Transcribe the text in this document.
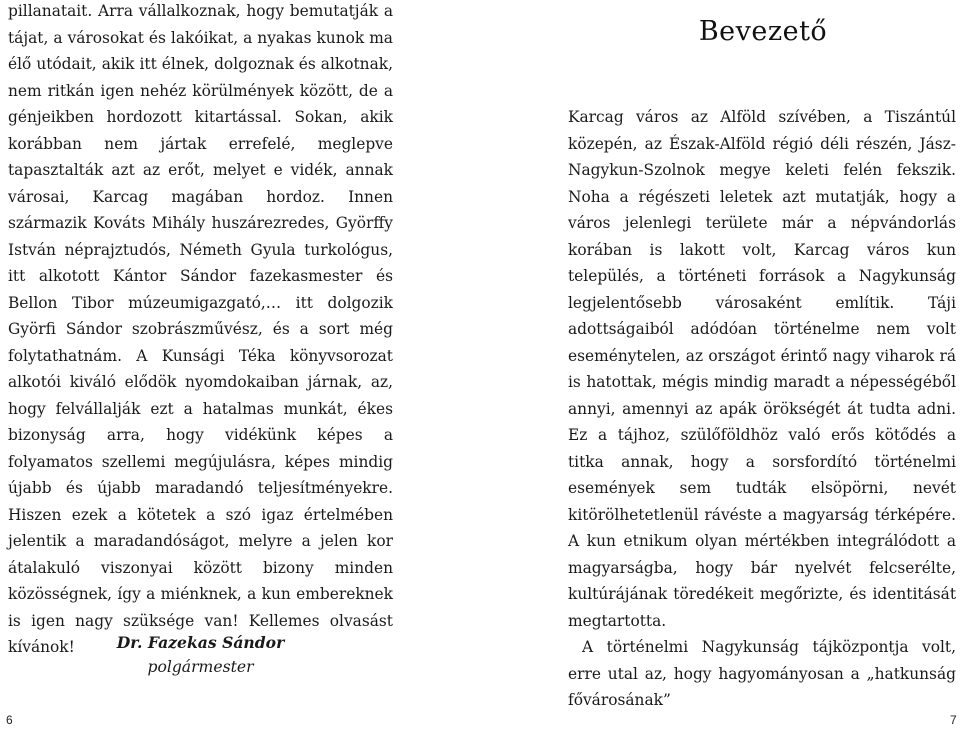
pillanatait. Arra vállalkoznak, hogy bemutatják a tájat, a városokat és lakóikat, a nyakas kunok ma élő utódait, akik itt élnek, dolgoznak és alkotnak, nem ritkán igen nehéz körülmények között, de a génjeikben hordozott kitartással. Sokan, akik korábban nem jártak errefelé, meglepve tapasztalták azt az erőt, melyet e vidék, annak városai, Karcag magában hordoz. Innen származik Kováts Mihály huszárezredes, Györffy István néprajztudós, Németh Gyula turkológus, itt alkotott Kántor Sándor fazekasmester és Bellon Tibor múzeumigazgató,… itt dolgozik Györfi Sándor szobrászművész, és a sort még folytathatnám. A Kunsági Téka könyvsorozat alkotói kiváló elődök nyomdokaiban járnak, az, hogy felvállalják ezt a hatalmas munkát, ékes bizonyság arra, hogy vidékünk képes a folyamatos szellemi megújulásra, képes mindig újabb és újabb maradandó teljesítményekre. Hiszen ezek a kötetek a szó igaz értelmében jelentik a maradandóságot, melyre a jelen kor átalakuló viszonyai között bizony minden közösségnek, így a miénknek, a kun embereknek is igen nagy szüksége van! Kellemes olvasást kívánok!	Dr. Fazekas Sándor
polgármester
Bevezető

Karcag város az Alföld szívében, a Tiszántúl közepén, az Észak-Alföld régió déli részén, Jász-Nagykun-Szolnok megye keleti felén fekszik. Noha a régészeti leletek azt mutatják, hogy a város jelenlegi területe már a népvándorlás korában is lakott volt, Karcag város kun település, a történeti források a Nagykunság legjelentősebb városaként említik. Táji adottságaiból adódóan történelme nem volt eseménytelen, az országot érintő nagy viharok rá is hatottak, mégis mindig maradt a népességéből annyi, amennyi az apák örökségét át tudta adni. Ez a tájhoz, szülőföldhöz való erős kötődés a titka annak, hogy a sorsfordító történelmi események sem tudták elsöpörni, nevét kitörölhetetlenül rávéste a magyarság térképére. A kun etnikum olyan mértékben integrálódott a magyarságba, hogy bár nyelvét felcserélte, kultúrájának töredékeit megőrizte, és identitását megtartotta.

A történelmi Nagykunság tájközpontja volt, erre utal az, hogy hagyományosan a „hatkunság fővárosának”

6	7
